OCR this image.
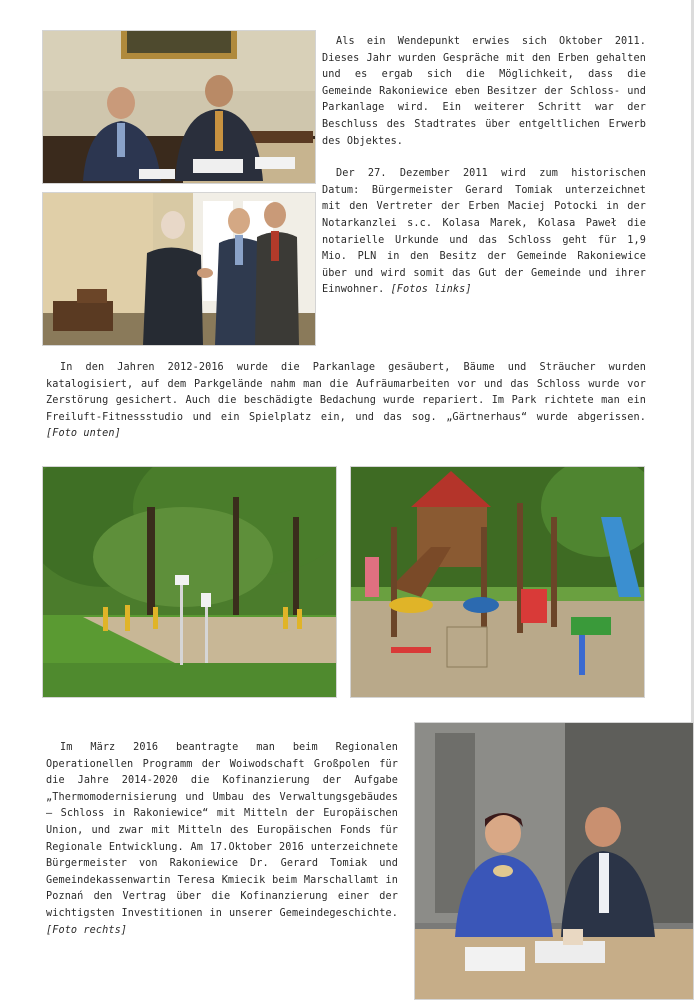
Als ein Wendepunkt erwies sich Oktober 2011. Dieses Jahr wurden Gespräche mit den Erben gehalten und es ergab sich die Möglichkeit, dass die Gemeinde Rakoniewice eben Besitzer der Schloss- und Parkanlage wird. Ein weiterer Schritt war der Beschluss des Stadtrates über entgeltlichen Erwerb des Objektes.

Der 27. Dezember 2011 wird zum historischen Datum: Bürgermeister Gerard Tomiak unterzeichnet mit den Vertreter der Erben Maciej Potocki in der Notarkanzlei s.c. Kolasa Marek, Kolasa Paweł die notarielle Urkunde und das Schloss geht für 1,9 Mio. PLN in den Besitz der Gemeinde Rakoniewice über und wird somit das Gut der Gemeinde und ihrer Einwohner. [Fotos links]

In den Jahren 2012-2016 wurde die Parkanlage gesäubert, Bäume und Sträucher wurden katalogisiert, auf dem Parkgelände nahm man die Aufräumarbeiten vor und das Schloss wurde vor Zerstörung gesichert. Auch die beschädigte Bedachung wurde repariert. Im Park richtete man ein Freiluft-Fitnessstudio und ein Spielplatz ein, und das sog. „Gärtnerhaus“ wurde abgerissen. [Foto unten]

Im März 2016 beantragte man beim Regionalen Operationellen Programm der Woiwodschaft Großpolen für die Jahre 2014-2020 die Kofinanzierung der Aufgabe „Thermomodernisierung und Umbau des Verwaltungsgebäudes – Schloss in Rakoniewice“ mit Mitteln der Europäischen Union, und zwar mit Mitteln des Europäischen Fonds für Regionale Entwicklung. Am 17.Oktober 2016 unterzeichnete Bürgermeister von Rakoniewice Dr. Gerard Tomiak und Gemeindekassenwartin Teresa Kmiecik beim Marschallamt in Poznań den Vertrag über die Kofinanzierung einer der wichtigsten Investitionen in unserer Gemeindegeschichte. [Foto rechts]
